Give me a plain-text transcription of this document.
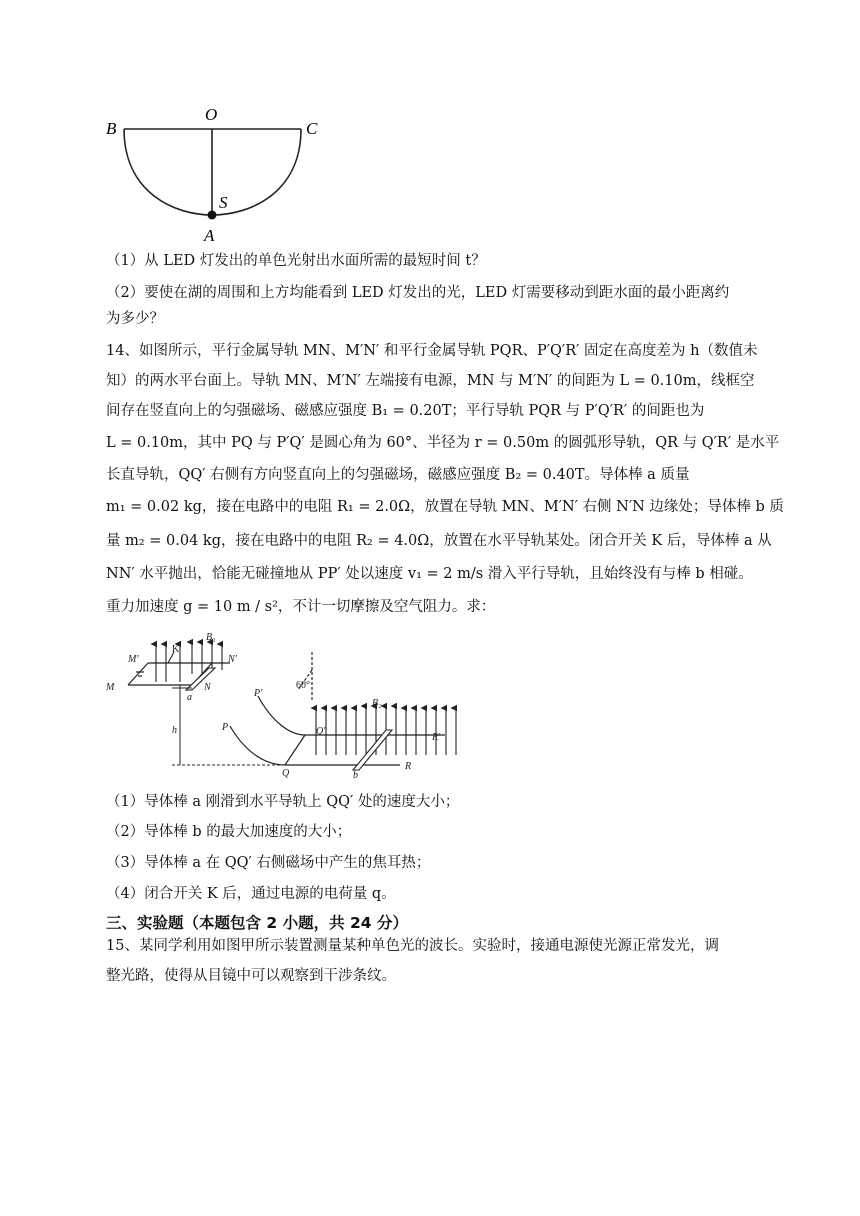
B
O
C
S
A
（1）从 LED 灯发出的单色光射出水面所需的最短时间 t？
（2）要使在湖的周围和上方均能看到 LED 灯发出的光，LED 灯需要移动到距水面的最小距离约
为多少？
14、如图所示，平行金属导轨 MN、M′N′ 和平行金属导轨 PQR、P′Q′R′ 固定在高度差为 h（数值未
知）的两水平台面上。导轨 MN、M′N′ 左端接有电源，MN 与 M′N′ 的间距为 L = 0.10m，线框空
间存在竖直向上的匀强磁场、磁感应强度 B₁ = 0.20T；平行导轨 PQR 与 P′Q′R′ 的间距也为
L = 0.10m，其中 PQ 与 P′Q′ 是圆心角为 60°、半径为 r = 0.50m 的圆弧形导轨，QR 与 Q′R′ 是水平
长直导轨，QQ′ 右侧有方向竖直向上的匀强磁场，磁感应强度 B₂ = 0.40T。导体棒 a 质量
m₁ = 0.02 kg，接在电路中的电阻 R₁ = 2.0Ω，放置在导轨 MN、M′N′ 右侧 N′N 边缘处；导体棒 b 质
量 m₂ = 0.04 kg，接在电路中的电阻 R₂ = 4.0Ω，放置在水平导轨某处。闭合开关 K 后，导体棒 a 从
NN′ 水平抛出，恰能无碰撞地从 PP′ 处以速度 v₁ = 2 m/s 滑入平行导轨，且始终没有与棒 b 相碰。
重力加速度 g = 10 m / s²，不计一切摩擦及空气阻力。求：
B₁
M′
K
N′
M	N
a
h
60°
P′
B₂
Q′
R′
P
Q	b
R
（1）导体棒 a 刚滑到水平导轨上 QQ′ 处的速度大小；
（2）导体棒 b 的最大加速度的大小；
（3）导体棒 a 在 QQ′ 右侧磁场中产生的焦耳热；
（4）闭合开关 K 后，通过电源的电荷量 q。
三、实验题（本题包含 2 小题，共 24 分）
15、某同学利用如图甲所示装置测量某种单色光的波长。实验时，接通电源使光源正常发光，调
整光路，使得从目镜中可以观察到干涉条纹。
